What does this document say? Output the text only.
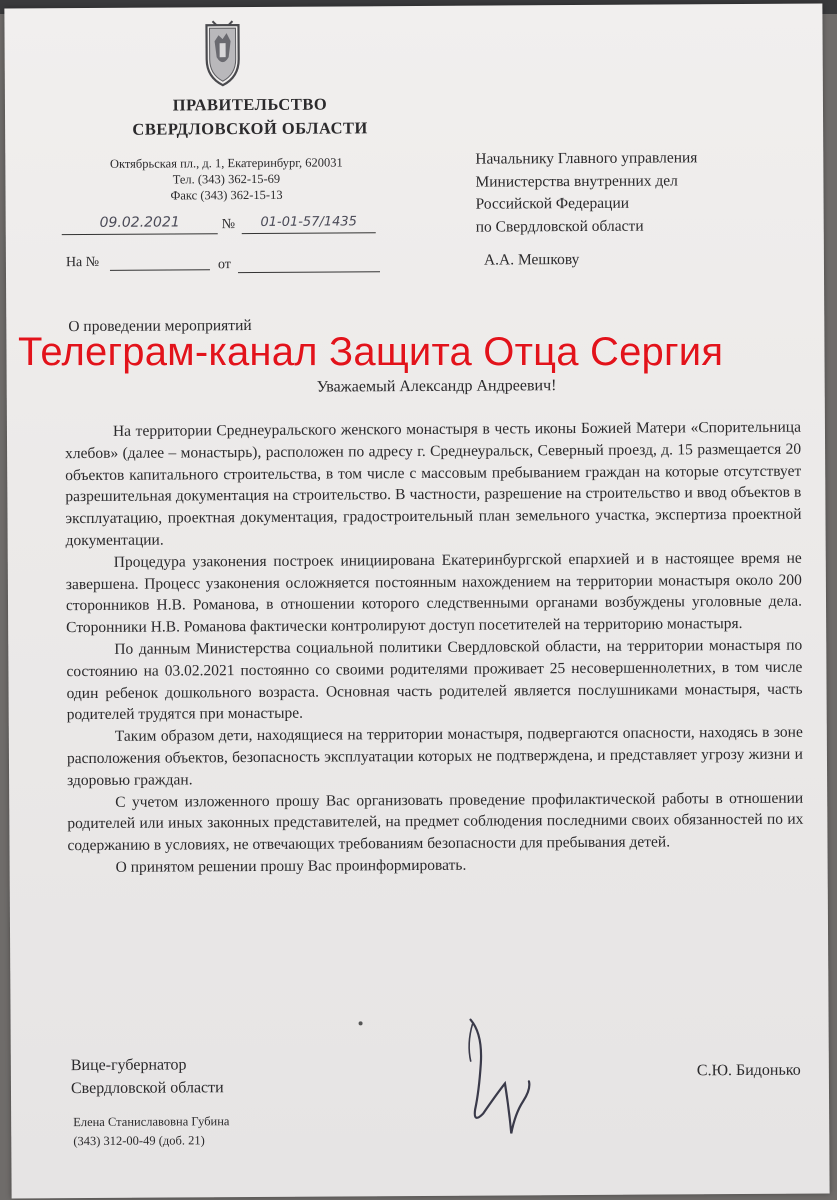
ПРАВИТЕЛЬСТВО
СВЕРДЛОВСКОЙ ОБЛАСТИ
Октябрьская пл., д. 1, Екатеринбург, 620031
Тел. (343) 362-15-69
Факс (343) 362-15-13
09.02.2021	№	01-01-57/1435
На №	от
Начальнику Главного управления
Министерства внутренних дел
Российской Федерации
по Свердловской области
А.А. Мешкову
О проведении мероприятий
Уважаемый Александр Андреевич!

На территории Среднеуральского женского монастыря в честь иконы Божией Матери «Спорительница хлебов» (далее – монастырь), расположен по адресу г. Среднеуральск, Северный проезд, д. 15 размещается 20 объектов капитального строительства, в том числе с массовым пребыванием граждан на которые отсутствует разрешительная документация на строительство. В частности, разрешение на строительство и ввод объектов в эксплуатацию, проектная документация, градостроительный план земельного участка, экспертиза проектной документации.

Процедура узаконения построек инициирована Екатеринбургской епархией и в настоящее время не завершена. Процесс узаконения осложняется постоянным нахождением на территории монастыря около 200 сторонников Н.В. Романова, в отношении которого следственными органами возбуждены уголовные дела. Сторонники Н.В. Романова фактически контролируют доступ посетителей на территорию монастыря.

По данным Министерства социальной политики Свердловской области, на территории монастыря по состоянию на 03.02.2021 постоянно со своими родителями проживает 25 несовершеннолетних, в том числе один ребенок дошкольного возраста. Основная часть родителей является послушниками монастыря, часть родителей трудятся при монастыре.

Таким образом дети, находящиеся на территории монастыря, подвергаются опасности, находясь в зоне расположения объектов, безопасность эксплуатации которых не подтверждена, и представляет угрозу жизни и здоровью граждан.

С учетом изложенного прошу Вас организовать проведение профилактической работы в отношении родителей или иных законных представителей, на предмет соблюдения последними своих обязанностей по их содержанию в условиях, не отвечающих требованиям безопасности для пребывания детей.

О принятом решении прошу Вас проинформировать.

Вице-губернатор
Свердловской области
С.Ю. Бидонько
Елена Станиславовна Губина
(343) 312-00-49 (доб. 21)
Телеграм-канал Защита Отца Сергия
